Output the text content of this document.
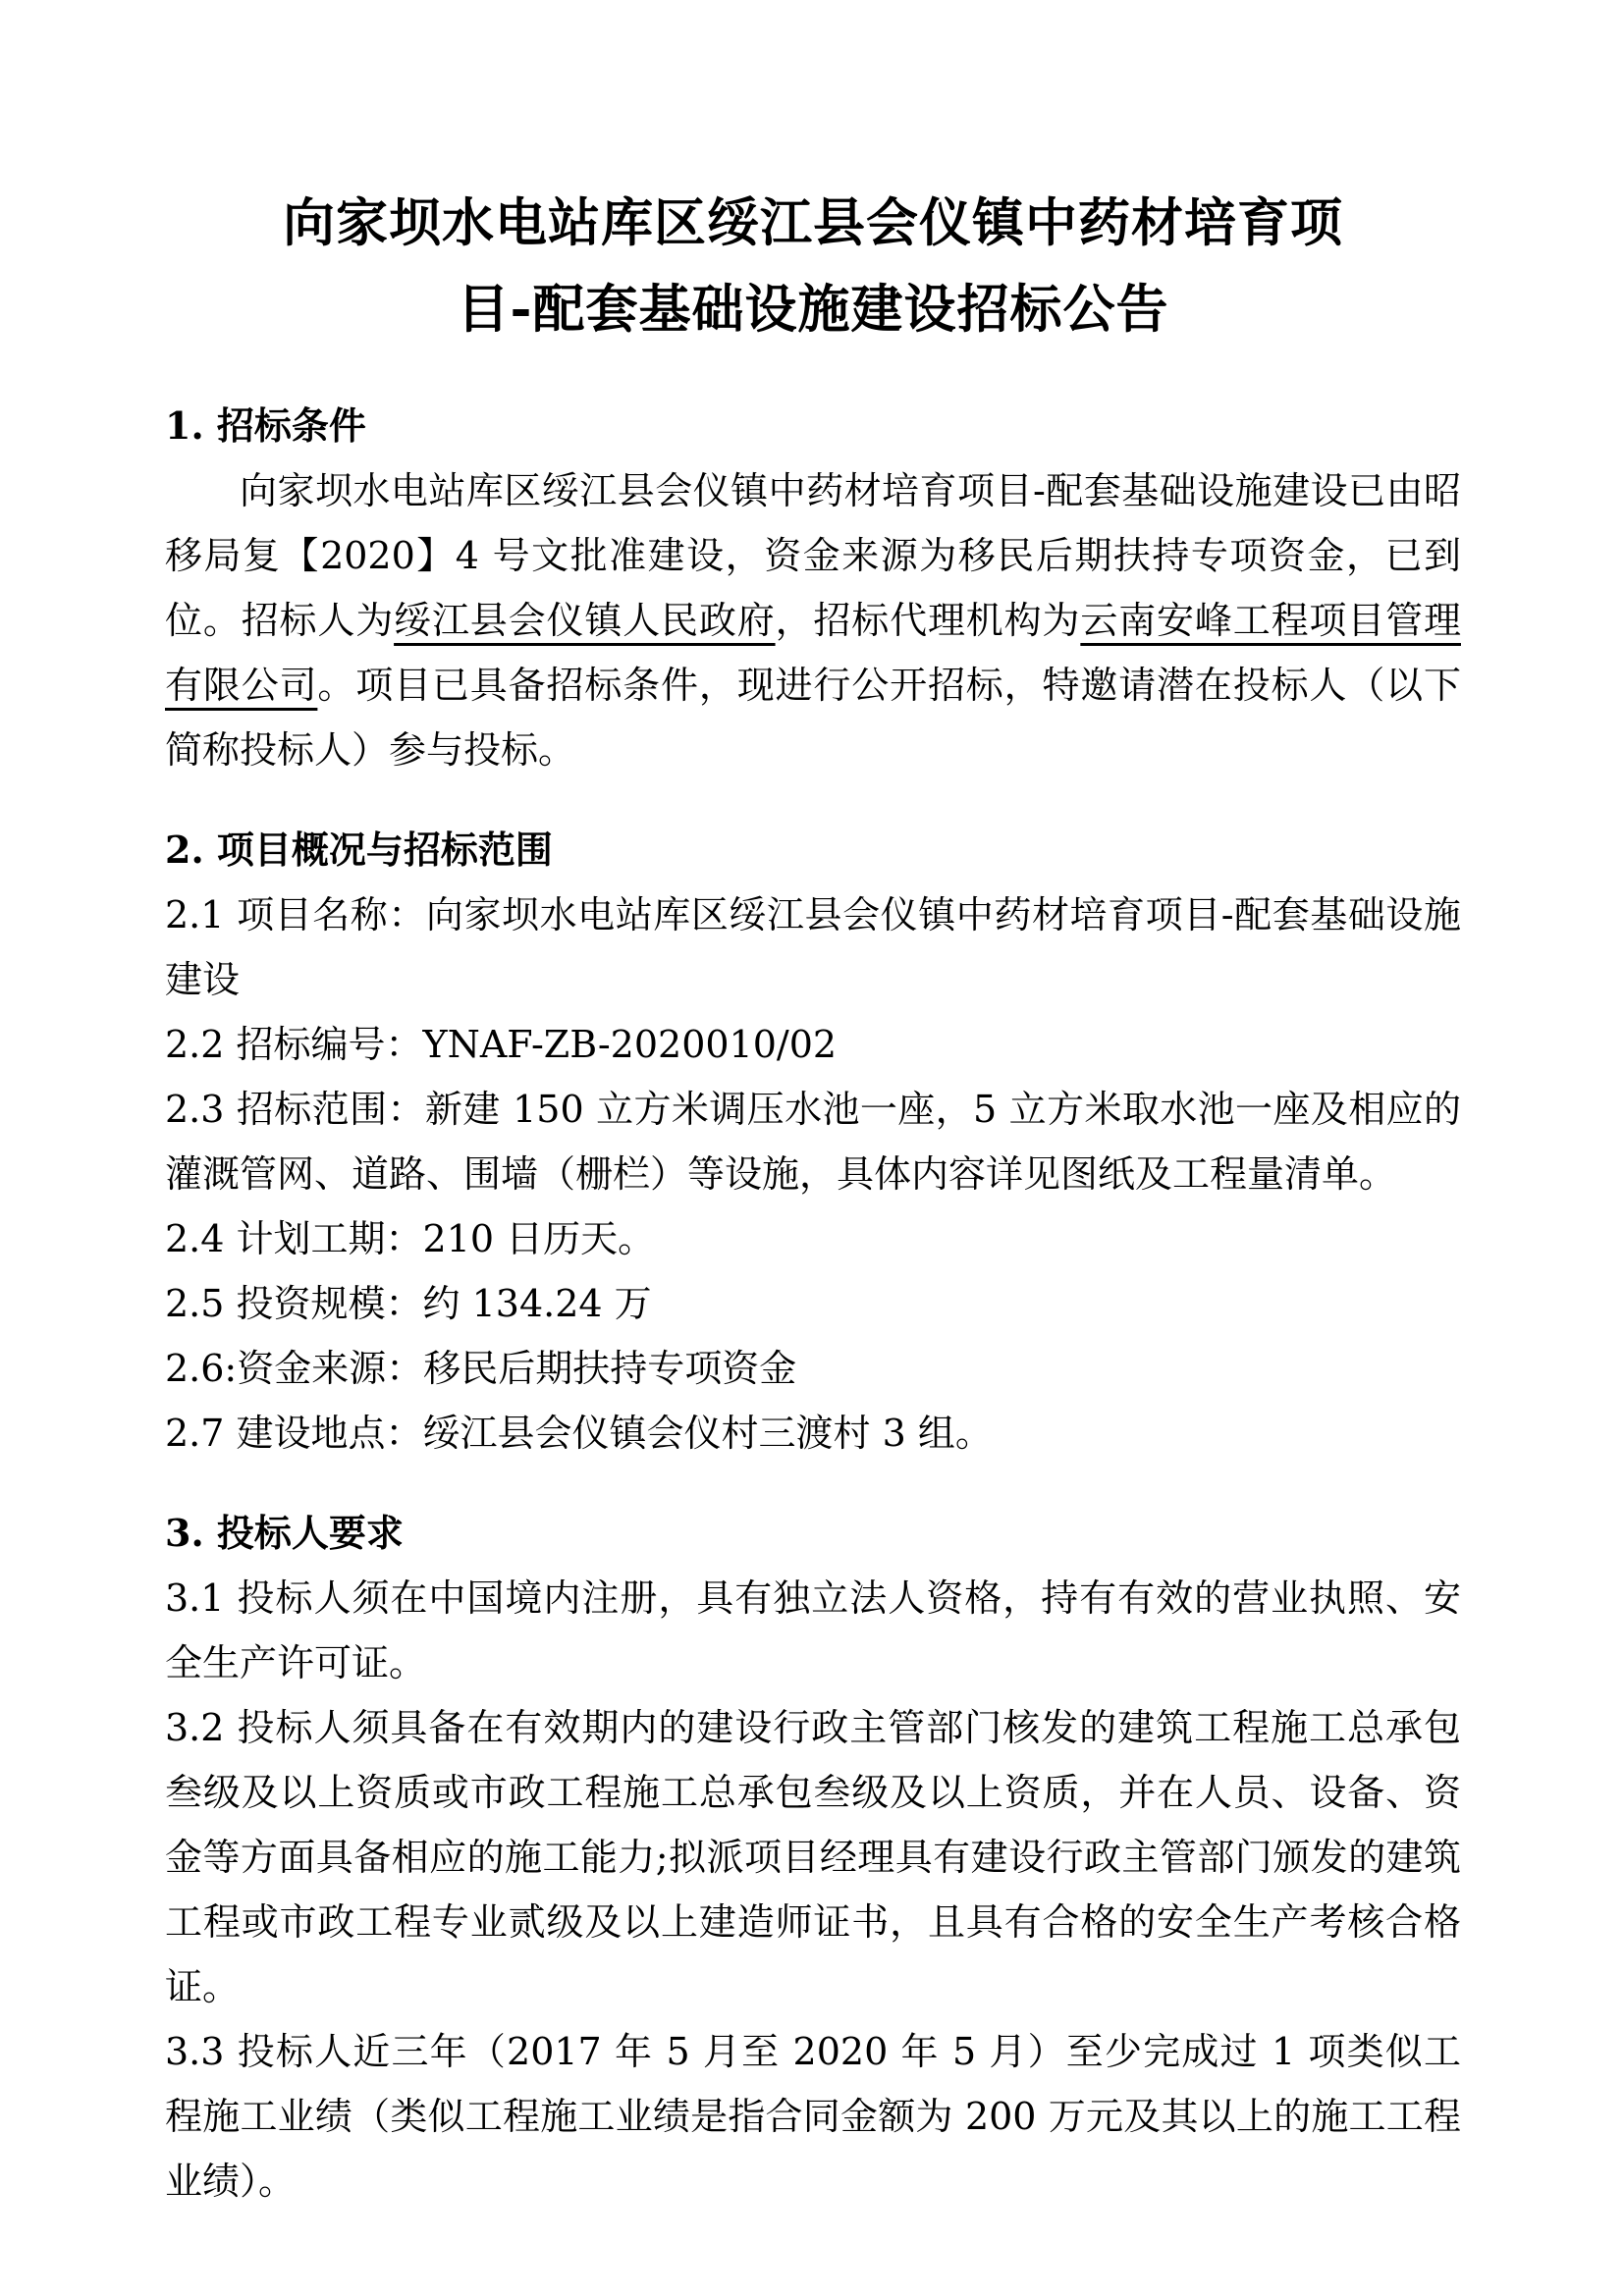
向家坝水电站库区绥江县会仪镇中药材培育项
目-配套基础设施建设招标公告
1. 招标条件

向家坝水电站库区绥江县会仪镇中药材培育项目-配套基础设施建设已由昭移局复【2020】4 号文批准建设，资金来源为移民后期扶持专项资金，已到位。招标人为绥江县会仪镇人民政府，招标代理机构为云南安峰工程项目管理有限公司。项目已具备招标条件，现进行公开招标，特邀请潜在投标人（以下简称投标人）参与投标。

2. 项目概况与招标范围

2.1 项目名称：向家坝水电站库区绥江县会仪镇中药材培育项目-配套基础设施建设

2.2 招标编号：YNAF-ZB-2020010/02

2.3 招标范围：新建 150 立方米调压水池一座，5 立方米取水池一座及相应的灌溉管网、道路、围墙（栅栏）等设施，具体内容详见图纸及工程量清单。

2.4 计划工期：210 日历天。

2.5 投资规模：约 134.24 万

2.6:资金来源：移民后期扶持专项资金

2.7 建设地点：绥江县会仪镇会仪村三渡村 3 组。

3. 投标人要求

3.1 投标人须在中国境内注册，具有独立法人资格，持有有效的营业执照、安全生产许可证。

3.2 投标人须具备在有效期内的建设行政主管部门核发的建筑工程施工总承包叁级及以上资质或市政工程施工总承包叁级及以上资质，并在人员、设备、资金等方面具备相应的施工能力;拟派项目经理具有建设行政主管部门颁发的建筑工程或市政工程专业贰级及以上建造师证书，且具有合格的安全生产考核合格证。

3.3 投标人近三年（2017 年 5 月至 2020 年 5 月）至少完成过 1 项类似工程施工业绩（类似工程施工业绩是指合同金额为 200 万元及其以上的施工工程业绩）。
